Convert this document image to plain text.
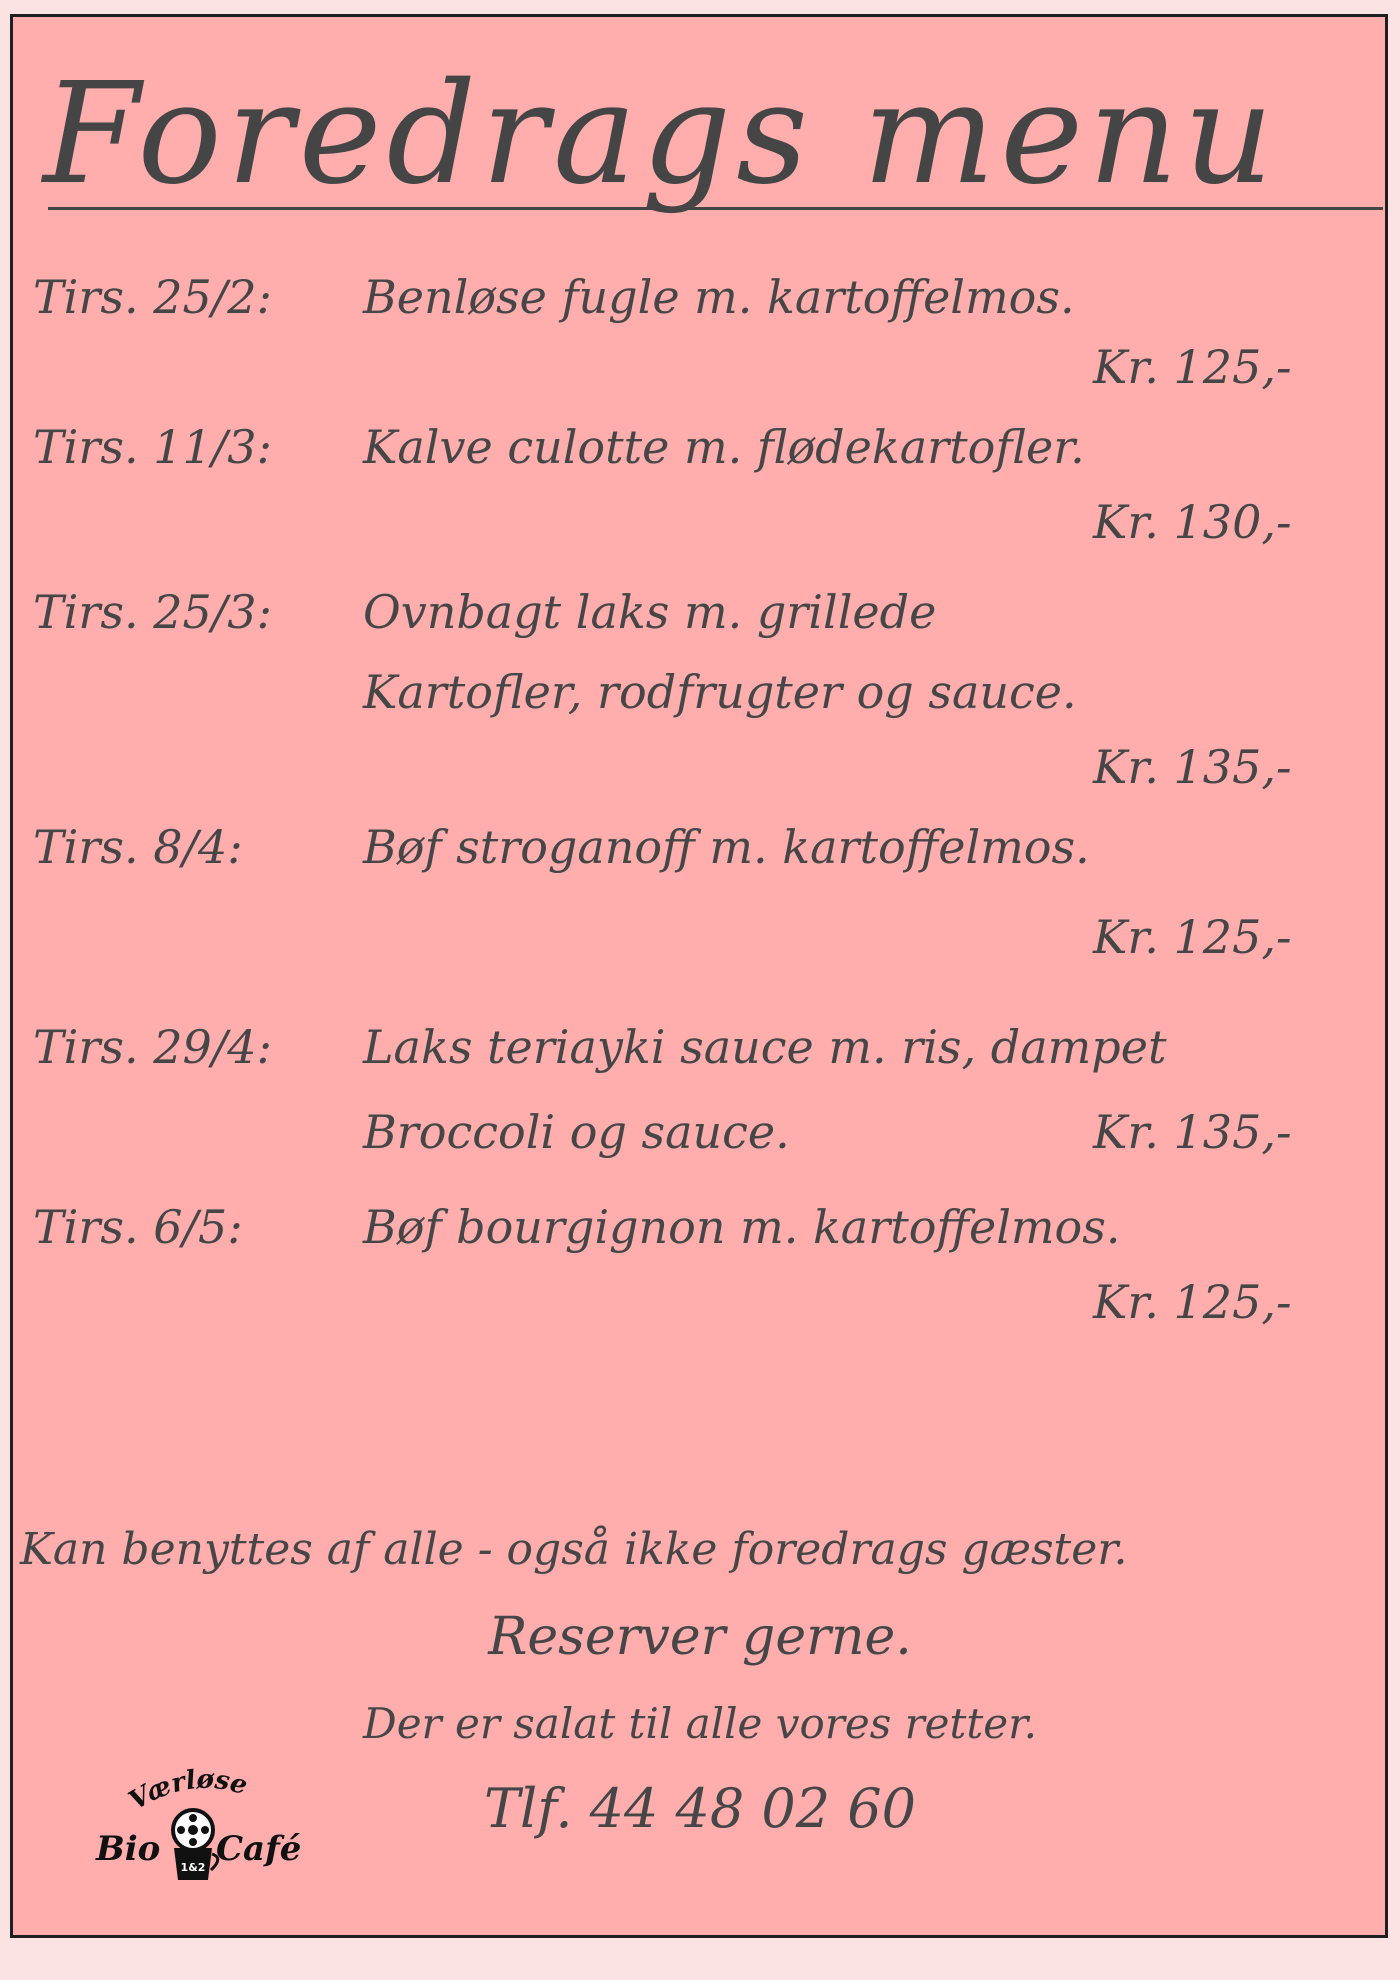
Foredrags menu
Tirs. 25/2: Benløse fugle m. kartoffelmos.
Kr. 125,-
Tirs. 11/3: Kalve culotte m. flødekartofler.
Kr. 130,-
Tirs. 25/3: Ovnbagt laks m. grillede
Kartofler, rodfrugter og sauce.
Kr. 135,-
Tirs. 8/4:	Bøf stroganoff m. kartoffelmos.
Kr. 125,-
Tirs. 29/4: Laks teriayki sauce m. ris, dampet
Broccoli og sauce.	Kr. 135,-
Tirs. 6/5:	Bøf bourgignon m. kartoffelmos.
Kr. 125,-
Kan benyttes af alle - også ikke foredrags gæster.
Reserver gerne.
Der er salat til alle vores retter.
Tlf. 44 48 02 60
Værløse
Bio 1&2 Café
